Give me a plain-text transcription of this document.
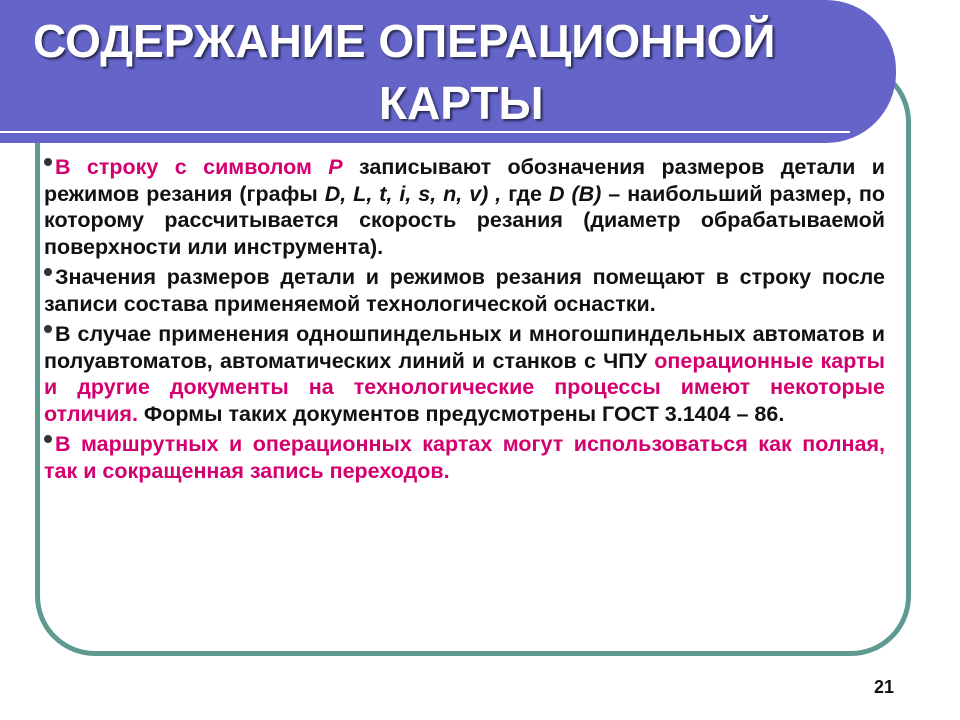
СОДЕРЖАНИЕ ОПЕРАЦИОННОЙ
КАРТЫ
В строку с символом Р записывают обозначения размеров детали и режимов резания (графы D, L, t, i, s, n, v) , где D (B) – наибольший размер, по которому рассчитывается скорость резания (диаметр обрабатываемой поверхности или инструмента).
Значения размеров детали и режимов резания помещают в строку после записи состава применяемой технологической оснастки.
В случае применения одношпиндельных и многошпиндельных автоматов и полуавтоматов, автоматических линий и станков с ЧПУ операционные карты и другие документы на технологические процессы имеют некоторые отличия. Формы таких документов предусмотрены ГОСТ 3.1404 – 86.
В маршрутных и операционных картах могут использоваться как полная, так и сокращенная запись переходов.
21
